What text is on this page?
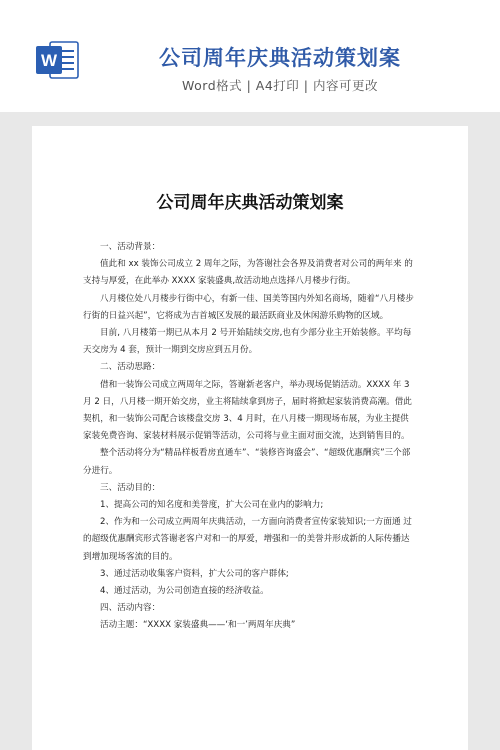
W	公司周年庆典活动策划案
Word格式 | A4打印 | 内容可更改
公司周年庆典活动策划案

一、活动背景：

值此和 xx 装饰公司成立 2 周年之际，为答谢社会各界及消费者对公司的两年来 的支持与厚爱，在此举办 XXXX 家装盛典,故活动地点选择八月楼步行街。

八月楼位处八月楼步行街中心，有新一佳、国美等国内外知名商场，随着“八月楼步行街的日益兴起”，它将成为吉首城区发展的最活跃商业及休闲游乐购物的区域。

目前, 八月楼第一期已从本月 2 号开始陆续交房,也有少部分业主开始装修。平均每天交房为 4 套，预计一期到交房应到五月份。

二、活动思路：

借和一装饰公司成立两周年之际，答谢新老客户，举办现场促销活动。XXXX 年 3 月 2 日，八月楼一期开始交房，业主将陆续拿到房子，届时将掀起家装消费高潮。借此契机，和一装饰公司配合该楼盘交房 3、4 月时，在八月楼一期现场布展，为业主提供家装免费咨询、家装材料展示促销等活动，公司将与业主面对面交流，达到销售目的。

整个活动将分为“精品样板看房直通车”、“装修咨询盛会”、“超级优惠酬宾”三个部分进行。

三、活动目的：

1、提高公司的知名度和美誉度，扩大公司在业内的影响力;

2、作为和一公司成立两周年庆典活动，一方面向消费者宣传家装知识;一方面通 过的超级优惠酬宾形式答谢老客户对和一的厚爱，增强和一的美誉并形成新的人际传播达到增加现场客流的目的。

3、通过活动收集客户资料，扩大公司的客户群体;

4、通过活动，为公司创造直接的经济收益。

四、活动内容：

活动主题：“XXXX 家装盛典——‘和一’两周年庆典”
